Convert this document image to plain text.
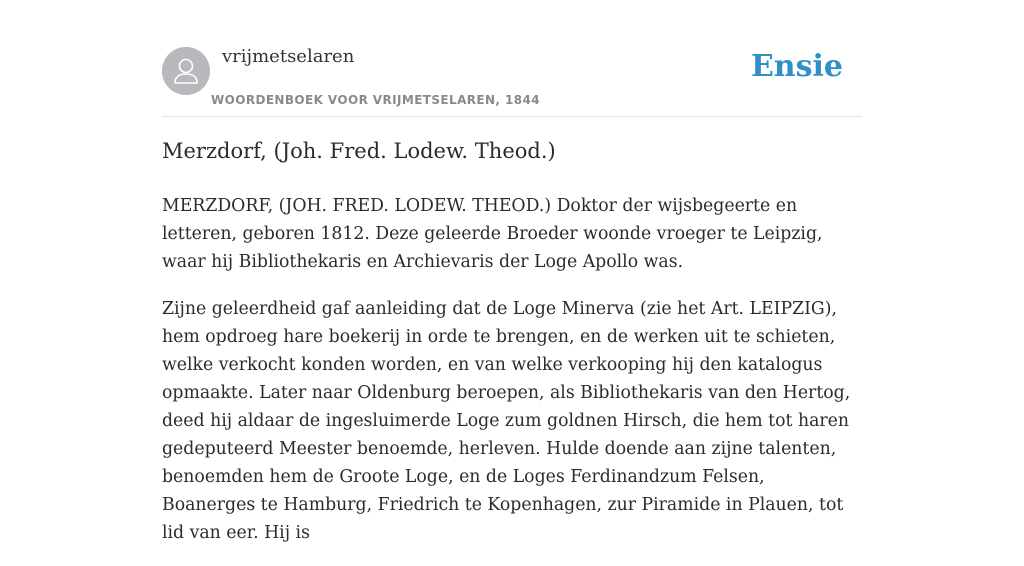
vrijmetselaren
WOORDENBOEK VOOR VRIJMETSELAREN, 1844
Ensie
Merzdorf, (Joh. Fred. Lodew. Theod.)

MERZDORF, (JOH. FRED. LODEW. THEOD.) Doktor der wijsbegeerte en letteren, geboren 1812. Deze geleerde Broeder woonde vroeger te Leipzig, waar hij Bibliothekaris en Archievaris der Loge Apollo was.

Zijne geleerdheid gaf aanleiding dat de Loge Minerva (zie het Art. LEIPZIG), hem opdroeg hare boekerij in orde te brengen, en de werken uit te schieten, welke verkocht konden worden, en van welke verkooping hij den katalogus opmaakte. Later naar Oldenburg beroepen, als Bibliothekaris van den Hertog, deed hij aldaar de ingesluimerde Loge zum goldnen Hirsch, die hem tot haren gedeputeerd Meester benoemde, herleven. Hulde doende aan zijne talenten, benoemden hem de Groote Loge, en de Loges Ferdinandzum Felsen, Boanerges te Hamburg, Friedrich te Kopenhagen, zur Piramide in Plauen, tot lid van eer. Hij is
